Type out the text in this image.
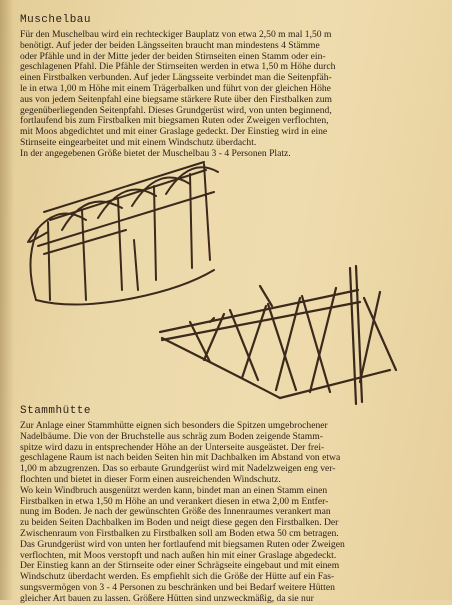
Muschelbau
Für den Muschelbau wird ein rechteckiger Bauplatz von etwa 2,50 m mal 1,50 m
benötigt. Auf jeder der beiden Längsseiten braucht man mindestens 4 Stämme
oder Pfähle und in der Mitte jeder der beiden Stirnseiten einen Stamm oder ein-
geschlagenen Pfahl. Die Pfähle der Stirnseiten werden in etwa 1,50 m Höhe durch
einen Firstbalken verbunden. Auf jeder Längsseite verbindet man die Seitenpfäh-
le in etwa 1,00 m Höhe mit einem Trägerbalken und führt von der gleichen Höhe
aus von jedem Seitenpfahl eine biegsame stärkere Rute über den Firstbalken zum
gegenüberliegenden Seitenpfahl. Dieses Grundgerüst wird, von unten beginnend,
fortlaufend bis zum Firstbalken mit biegsamen Ruten oder Zweigen verflochten,
mit Moos abgedichtet und mit einer Graslage gedeckt. Der Einstieg wird in eine
Stirnseite eingearbeitet und mit einem Windschutz überdacht.
In der angegebenen Größe bietet der Muschelbau 3 - 4 Personen Platz.
Stammhütte
Zur Anlage einer Stammhütte eignen sich besonders die Spitzen umgebrochener
Nadelbäume. Die von der Bruchstelle aus schräg zum Boden zeigende Stamm-
spitze wird dazu in entsprechender Höhe an der Unterseite ausgeästet. Der frei-
geschlagene Raum ist nach beiden Seiten hin mit Dachbalken im Abstand von etwa
1,00 m abzugrenzen. Das so erbaute Grundgerüst wird mit Nadelzweigen eng ver-
flochten und bietet in dieser Form einen ausreichenden Windschutz.
Wo kein Windbruch ausgenützt werden kann, bindet man an einen Stamm einen
Firstbalken in etwa 1,50 m Höhe an und verankert diesen in etwa 2,00 m Entfer-
nung im Boden. Je nach der gewünschten Größe des Innenraumes verankert man
zu beiden Seiten Dachbalken im Boden und neigt diese gegen den Firstbalken. Der
Zwischenraum von Firstbalken zu Firstbalken soll am Boden etwa 50 cm betragen.
Das Grundgerüst wird von unten her fortlaufend mit biegsamen Ruten oder Zweigen
verflochten, mit Moos verstopft und nach außen hin mit einer Graslage abgedeckt.
Der Einstieg kann an der Stirnseite oder einer Schrägseite eingebaut und mit einem
Windschutz überdacht werden. Es empfiehlt sich die Größe der Hütte auf ein Fas-
sungsvermögen von 3 - 4 Personen zu beschränken und bei Bedarf weitere Hütten
gleicher Art bauen zu lassen. Größere Hütten sind unzweckmäßig, da sie nur
